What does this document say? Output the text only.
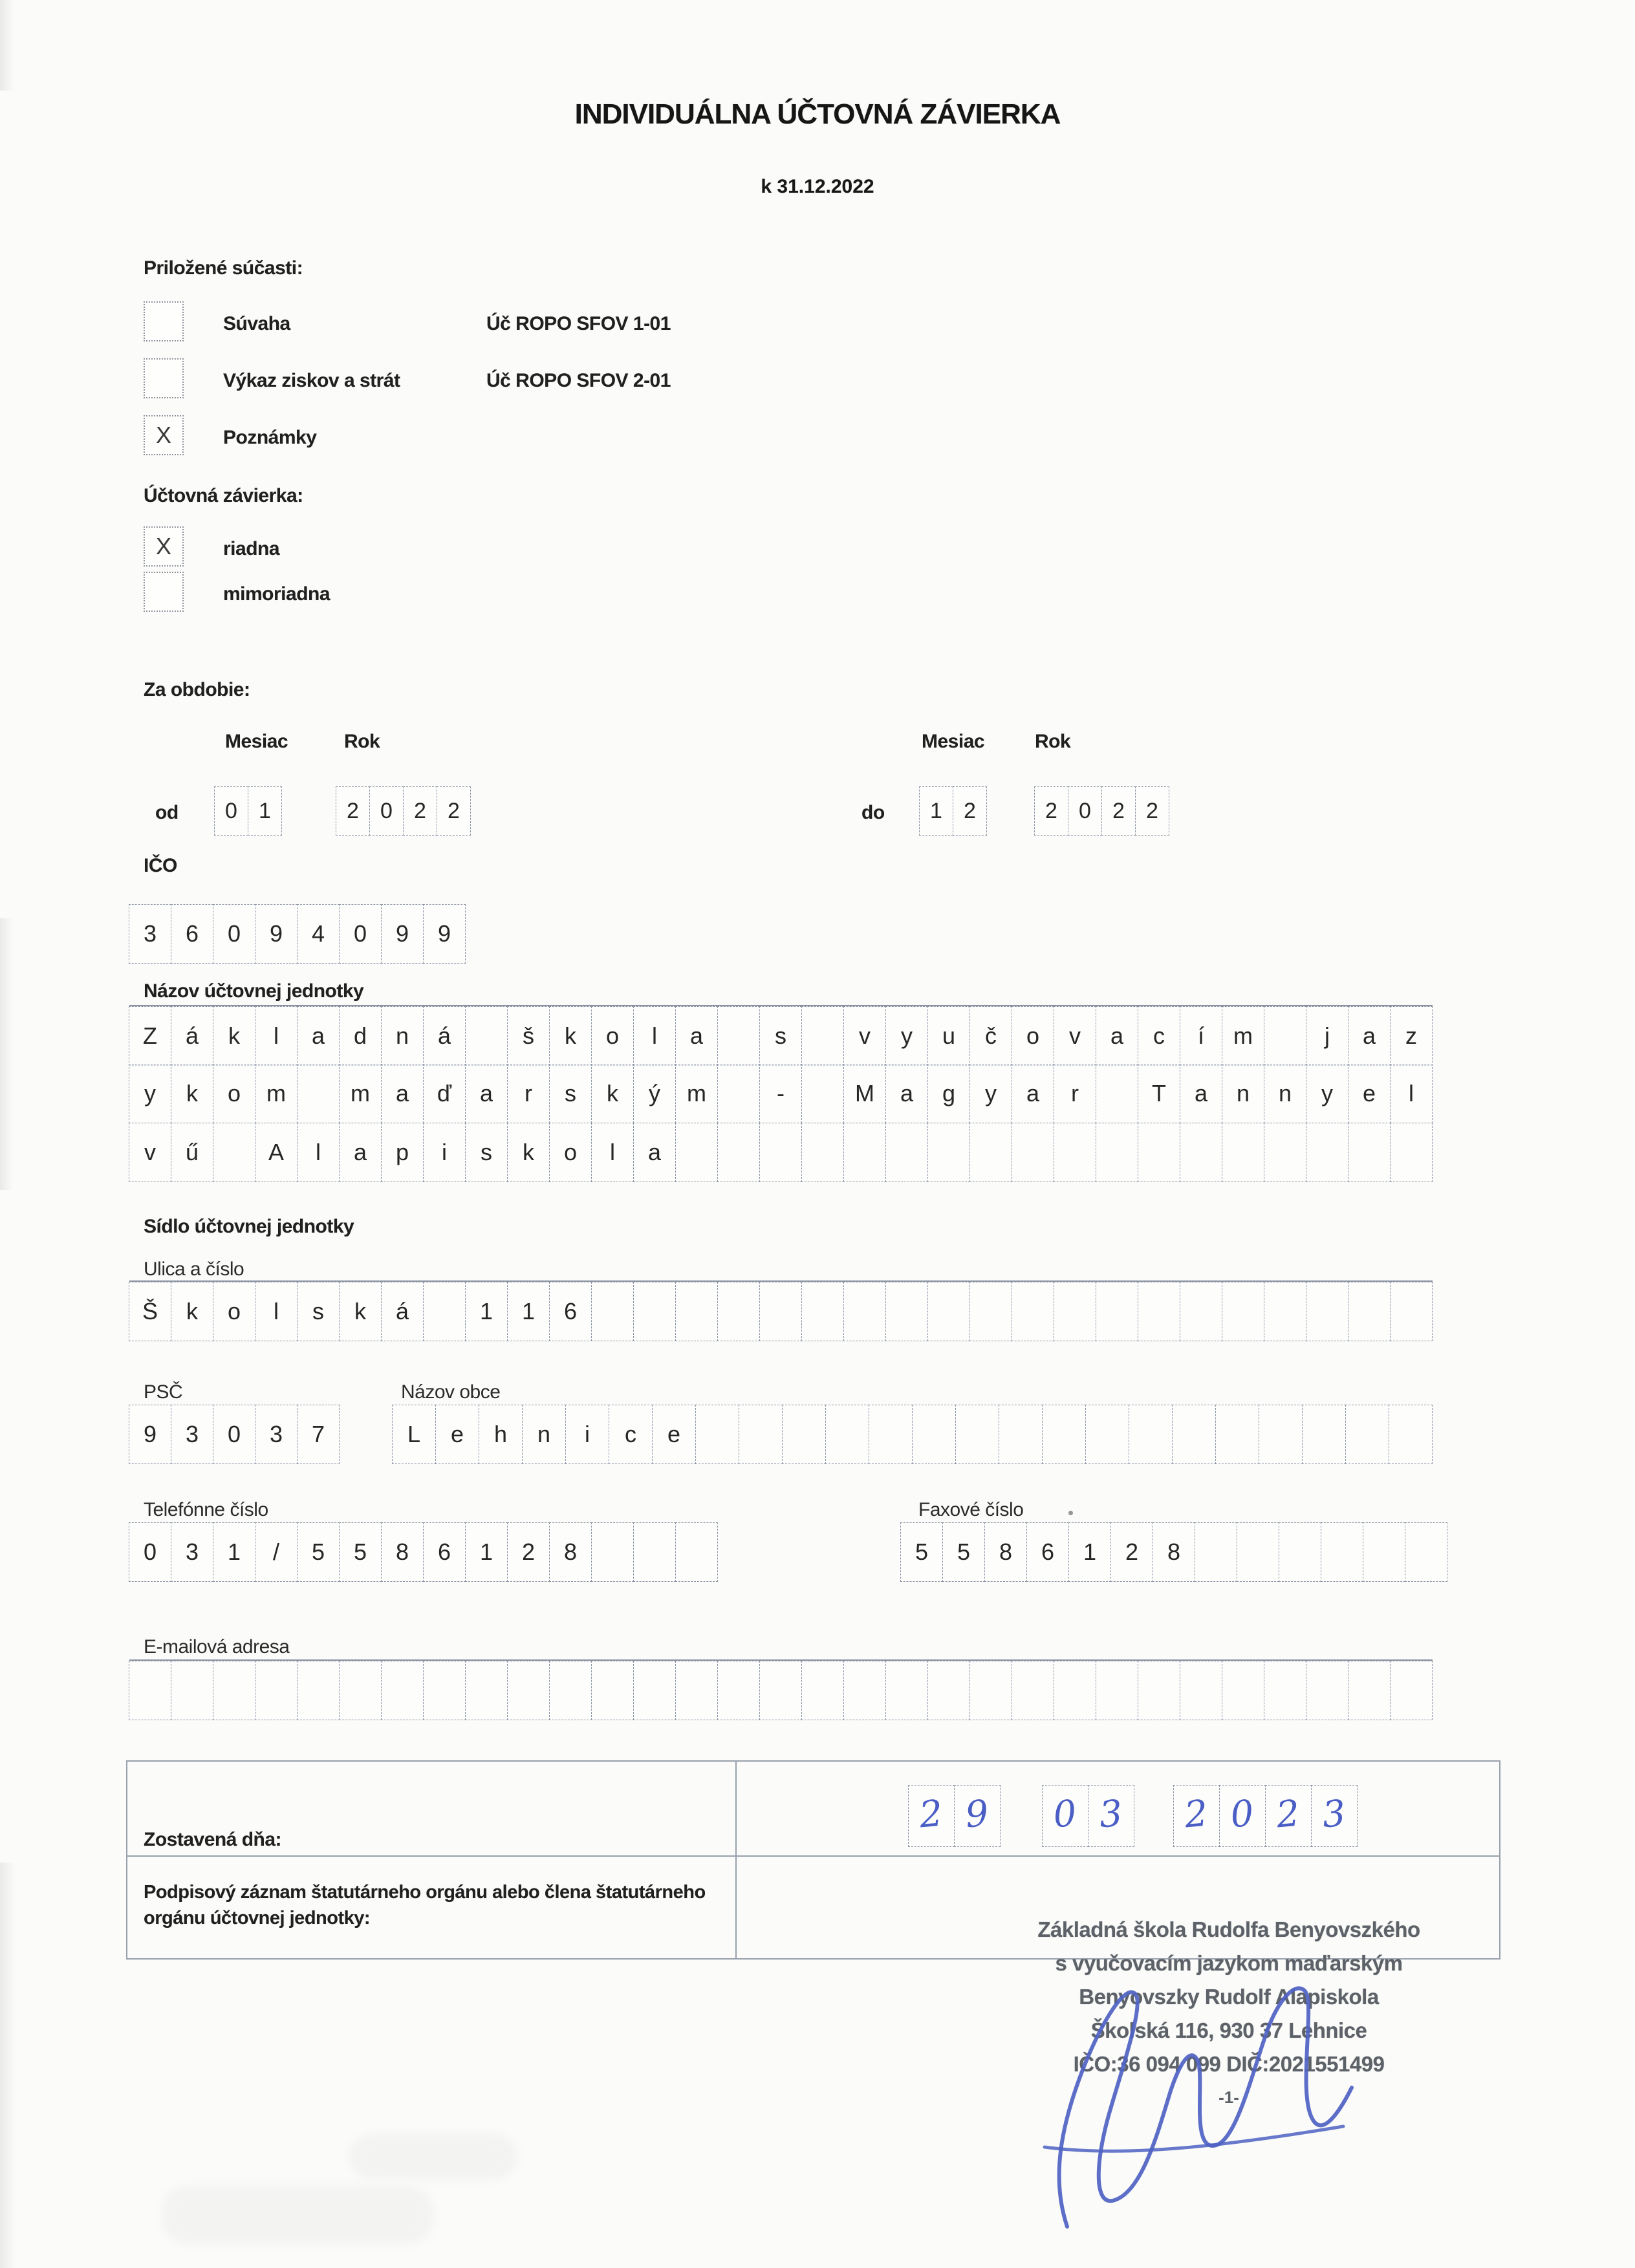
INDIVIDUÁLNA ÚČTOVNÁ ZÁVIERKA
k 31.12.2022
Priložené súčasti:
Súvaha	Úč ROPO SFOV 1-01
Výkaz ziskov a strát	Úč ROPO SFOV 2-01
X	Poznámky
Účtovná závierka:
X	riadna
mimoriadna
Za obdobie:
Mesiac	Rok	Mesiac	Rok
od 0 1	2 0 2 2	do 1 2	2 0 2 2
IČO
3 6 0 9 4 0 9 9
Názov účtovnej jednotky
Z á k l a d n á	š k o l a	s	v y u č o v a c í m	j a z
y k o m	m a ď a r s k ý m	-	M a g y a r	T a n n y e l
v ű	A l a p i s k o l a
Sídlo účtovnej jednotky
Ulica a číslo
Š k o l s k á	1 1 6
PSČ
9 3 0 3 7
Názov obce
L e h n i c e
Telefónne číslo
0 3 1 / 5 5 8 6 1 2 8
Faxové číslo
5 5 8 6 1 2 8
E-mailová adresa
Zostavená dňa:
2 9 0 3 2 0 2 3
Podpisový záznam štatutárneho orgánu alebo člena štatutárneho orgánu účtovnej jednotky:	Základná škola Rudolfa Benyovszkého
s vyučovacím jazykom maďarským
Benyovszky Rudolf Alapiskola
Školská 116, 930 37 Lehnice
IČO:36 094 099 DIČ:2021551499
-1-
